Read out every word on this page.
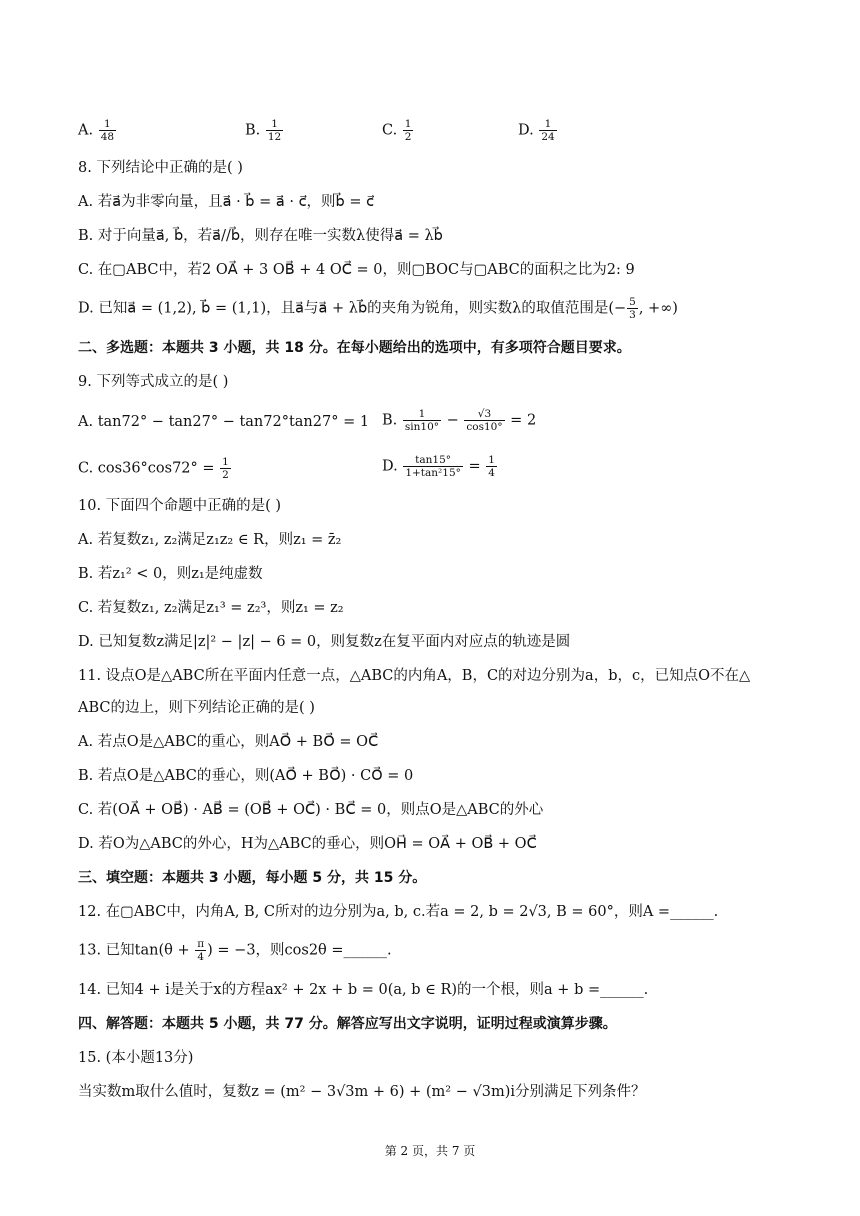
A. $\frac{1}{48}$	B. $\frac{1}{12}$	C. $\frac{1}{2}$	D. $\frac{1}{24}$
8. 下列结论中正确的是( )
A. 若a⃗为非零向量，且a⃗ · b⃗ = a⃗ · c⃗，则b⃗ = c⃗
B. 对于向量a⃗, b⃗，若a⃗//b⃗，则存在唯一实数λ使得a⃗ = λb⃗
C. 在▢ABC中，若2 OA⃗ + 3 OB⃗ + 4 OC⃗ = 0，则▢BOC与▢ABC的面积之比为2: 9
D. 已知a⃗ = (1,2), b⃗ = (1,1)，且a⃗与a⃗ + λb⃗的夹角为锐角，则实数λ的取值范围是(− $\frac{5}{3}$ , +∞)
二、多选题：本题共 3 小题，共 18 分。在每小题给出的选项中，有多项符合题目要求。
9. 下列等式成立的是( )
A. tan72° − tan27° − tan72°tan27° = 1 B. $\frac{1}{\sin 10^\circ} - \frac{√3}{\cos 10^\circ} = 2$
C. $\cos 36^\circ\cos 72^\circ = \frac{1}{2}$	D. $\frac{\tan 15^\circ}{\text{1+tan²15°}} = \frac{1}{4}$
10. 下面四个命题中正确的是( )
A. 若复数z₁, z₂满足z₁z₂ ∈ R，则z₁ = z̄₂
B. 若z₁² < 0，则z₁是纯虚数
C. 若复数z₁, z₂满足z₁³ = z₂³，则z₁ = z₂
D. 已知复数z满足|z|² − |z| − 6 = 0，则复数z在复平面内对应点的轨迹是圆
11. 设点O是△ABC所在平面内任意一点，△ABC的内角A，B，C的对边分别为a，b，c，已知点O不在△
ABC的边上，则下列结论正确的是( )
A. 若点O是△ABC的重心，则AO⃗ + BO⃗ = OC⃗
B. 若点O是△ABC的垂心，则(AO⃗ + BO⃗) · CO⃗ = 0
C. 若(OA⃗ + OB⃗) · AB⃗ = (OB⃗ + OC⃗) · BC⃗ = 0，则点O是△ABC的外心
D. 若O为△ABC的外心，H为△ABC的垂心，则OH⃗ = OA⃗ + OB⃗ + OC⃗
三、填空题：本题共 3 小题，每小题 5 分，共 15 分。
12. 在▢ABC中，内角A, B, C所对的边分别为a, b, c.若a = 2, b = 2√3, B = 60°，则A =______.
13. 已知$\tan(\theta + \frac{\pi}{4}$ ) = −3，则cos2θ =______.
14. 已知4 + i是关于x的方程ax² + 2x + b = 0(a, b ∈ R)的一个根，则a + b =______.
四、解答题：本题共 5 小题，共 77 分。解答应写出文字说明，证明过程或演算步骤。
15. (本小题13分)
当实数m取什么值时，复数z = (m² − 3√3m + 6) + (m² − √3m)i分别满足下列条件？
第 2 页，共 7 页
